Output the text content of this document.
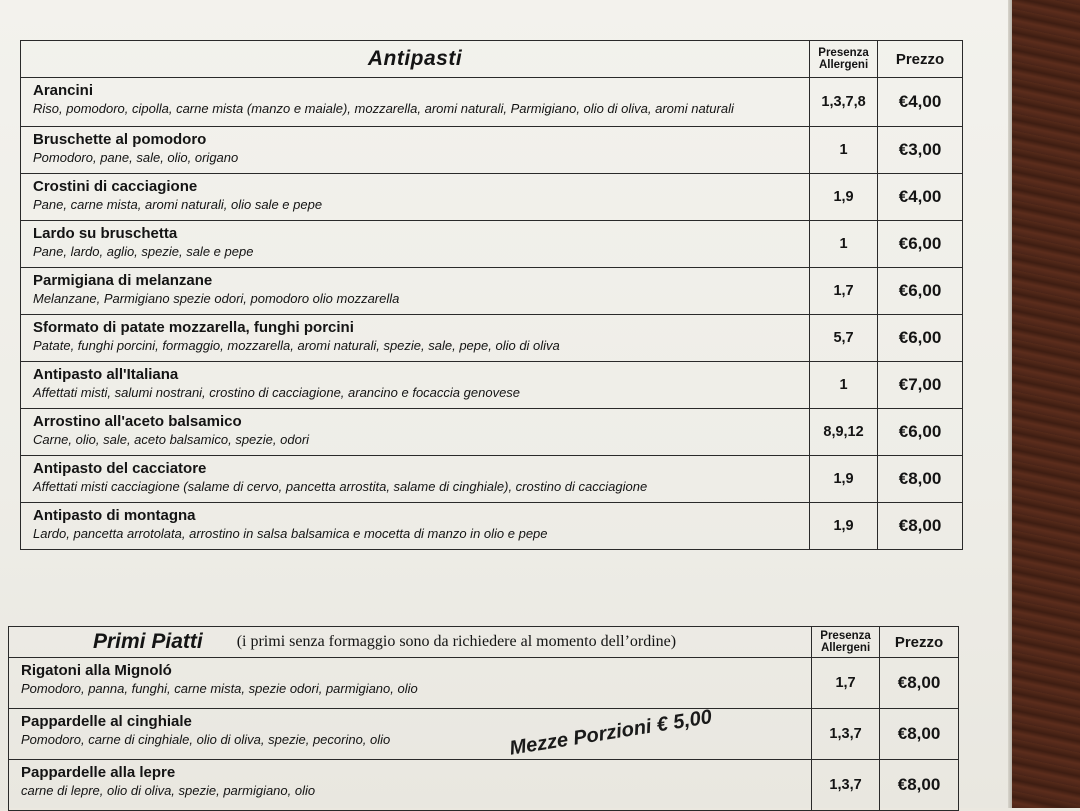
Antipasti	Presenza Allergeni	Prezzo

Arancini
Riso, pomodoro, cipolla, carne mista (manzo e maiale), mozzarella, aromi naturali, Parmigiano, olio di oliva, aromi naturali	1,3,7,8	€4,00

Bruschette al pomodoro
Pomodoro, pane, sale, olio, origano	1	€3,00

Crostini di cacciagione
Pane, carne mista, aromi naturali, olio sale e pepe	1,9	€4,00

Lardo su bruschetta
Pane, lardo, aglio, spezie, sale e pepe	1	€6,00

Parmigiana di melanzane
Melanzane, Parmigiano spezie odori, pomodoro olio mozzarella	1,7	€6,00

Sformato di patate mozzarella, funghi porcini
Patate, funghi porcini, formaggio, mozzarella, aromi naturali, spezie, sale, pepe, olio di oliva	5,7	€6,00

Antipasto all'Italiana
Affettati misti, salumi nostrani, crostino di cacciagione, arancino e focaccia genovese	1	€7,00

Arrostino all'aceto balsamico
Carne, olio, sale, aceto balsamico, spezie, odori	8,9,12	€6,00

Antipasto del cacciatore
Affettati misti cacciagione (salame di cervo, pancetta arrostita, salame di cinghiale), crostino di cacciagione	1,9	€8,00

Antipasto di montagna
Lardo, pancetta arrotolata, arrostino in salsa balsamica e mocetta di manzo in olio e pepe	1,9	€8,00
Primi Piatti (i primi senza formaggio sono da richiedere al momento dell’ordine)	Presenza Allergeni	Prezzo

Rigatoni alla Mignoló
Pomodoro, panna, funghi, carne mista, spezie odori, parmigiano, olio	1,7	€8,00

Pappardelle al cinghiale
Pomodoro, carne di cinghiale, olio di oliva, spezie, pecorino, olio	1,3,7	€8,00

Pappardelle alla lepre
carne di lepre, olio di oliva, spezie, parmigiano, olio	1,3,7	€8,00
Mezze Porzioni € 5,00
